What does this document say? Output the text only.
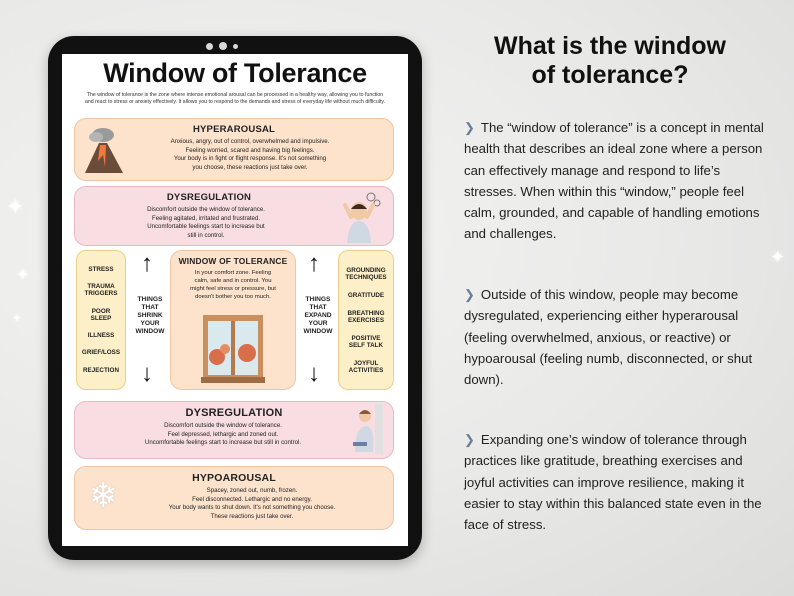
✦
✦
✦
✦
Window of Tolerance
The window of tolerance is the zone where intense emotional arousal can be processed in a healthy way, allowing you to function and react to stress or anxiety effectively. It allows you to respond to the demands and stress of everyday life without much difficulty.
HYPERAROUSAL

Anxious, angry, out of control, overwhelmed and impulsive.
Feeling worried, scared and having big feelings.
Your body is in fight or flight response. It's not something
you choose, these reactions just take over.

DYSREGULATION

Discomfort outside the window of tolerance.
Feeling agitated, irritated and frustrated.
Uncomfortable feelings start to increase but
still in control.

STRESS
TRAUMA TRIGGERS
POOR SLEEP
ILLNESS
GRIEF/LOSS
REJECTION
↑
THINGS
THAT
SHRINK
YOUR
WINDOW
↓
WINDOW OF TOLERANCE

In your comfort zone. Feeling
calm, safe and in control. You
might feel stress or pressure, but
doesn't bother you too much.

↑
THINGS
THAT
EXPAND
YOUR
WINDOW
↓
GROUNDING TECHNIQUES
GRATITUDE
BREATHING EXERCISES
POSITIVE SELF TALK
JOYFUL ACTIVITIES
DYSREGULATION

Discomfort outside the window of tolerance.
Feel depressed, lethargic and zoned out.
Uncomfortable feelings start to increase but still in control.

HYPOAROUSAL

Spacey, zoned out, numb, frozen.
Feel disconnected. Lethargic and no energy.
Your body wants to shut down. It's not something you choose.
These reactions just take over.

❄
What is the window
of tolerance?
❯ The “window of tolerance” is a concept in mental health that describes an ideal zone where a person can effectively manage and respond to life’s stresses. When within this “window,” people feel calm, grounded, and capable of handling emotions and challenges.
❯ Outside of this window, people may become dysregulated, experiencing either hyperarousal (feeling overwhelmed, anxious, or reactive) or hypoarousal (feeling numb, disconnected, or shut down).
❯ Expanding one’s window of tolerance through practices like gratitude, breathing exercises and joyful activities can improve resilience, making it easier to stay within this balanced state even in the face of stress.
